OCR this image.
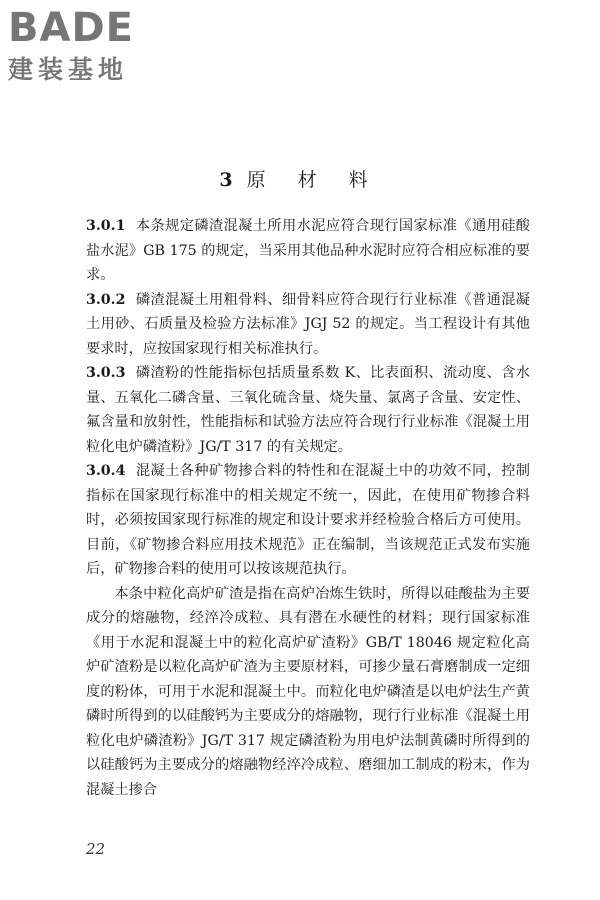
BADE
建装基地
3原 材 料

3.0.1 本条规定磷渣混凝土所用水泥应符合现行国家标准《通用硅酸盐水泥》GB 175 的规定，当采用其他品种水泥时应符合相应标准的要求。

3.0.2 磷渣混凝土用粗骨料、细骨料应符合现行行业标准《普通混凝土用砂、石质量及检验方法标准》JGJ 52 的规定。当工程设计有其他要求时，应按国家现行相关标准执行。

3.0.3 磷渣粉的性能指标包括质量系数 K、比表面积、流动度、含水量、五氧化二磷含量、三氧化硫含量、烧失量、氯离子含量、安定性、氟含量和放射性，性能指标和试验方法应符合现行行业标准《混凝土用粒化电炉磷渣粉》JG/T 317 的有关规定。

3.0.4 混凝土各种矿物掺合料的特性和在混凝土中的功效不同，控制指标在国家现行标准中的相关规定不统一，因此，在使用矿物掺合料时，必须按国家现行标准的规定和设计要求并经检验合格后方可使用。目前，《矿物掺合料应用技术规范》正在编制，当该规范正式发布实施后，矿物掺合料的使用可以按该规范执行。

本条中粒化高炉矿渣是指在高炉冶炼生铁时，所得以硅酸盐为主要成分的熔融物，经淬冷成粒、具有潜在水硬性的材料；现行国家标准《用于水泥和混凝土中的粒化高炉矿渣粉》GB/T 18046 规定粒化高炉矿渣粉是以粒化高炉矿渣为主要原材料，可掺少量石膏磨制成一定细度的粉体，可用于水泥和混凝土中。而粒化电炉磷渣是以电炉法生产黄磷时所得到的以硅酸钙为主要成分的熔融物，现行行业标准《混凝土用粒化电炉磷渣粉》JG/T 317 规定磷渣粉为用电炉法制黄磷时所得到的以硅酸钙为主要成分的熔融物经淬冷成粒、磨细加工制成的粉末，作为混凝土掺合

22
